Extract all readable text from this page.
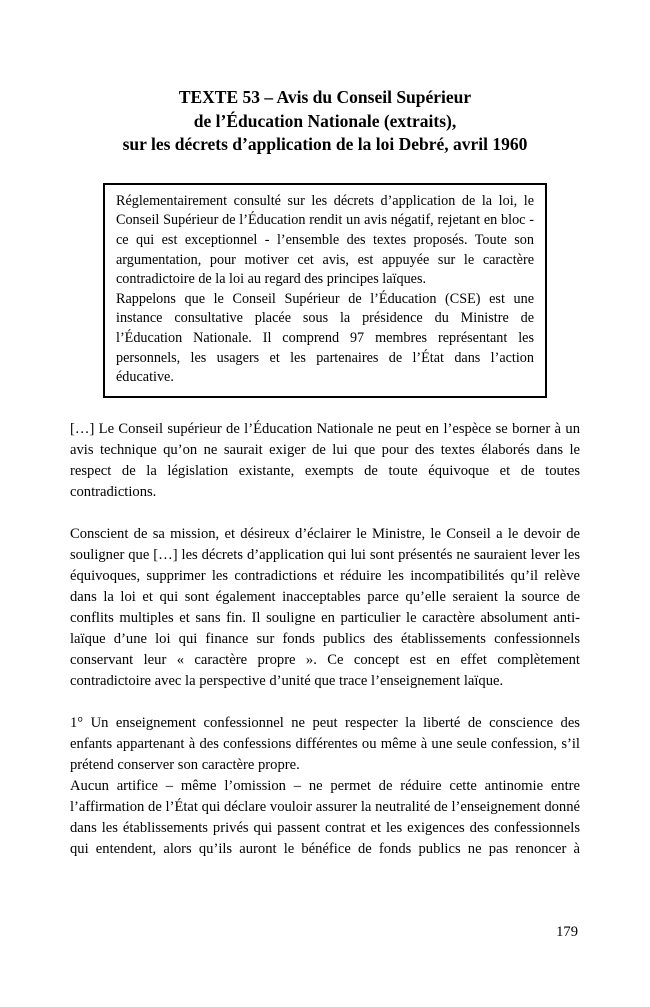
TEXTE 53 – Avis du Conseil Supérieur
de l’Éducation Nationale (extraits),
sur les décrets d’application de la loi Debré, avril 1960

Réglementairement consulté sur les décrets d’application de la loi, le Conseil Supérieur de l’Éducation rendit un avis négatif, rejetant en bloc - ce qui est exceptionnel - l’ensemble des textes proposés. Toute son argumentation, pour motiver cet avis, est appuyée sur le caractère contradictoire de la loi au regard des principes laïques.

Rappelons que le Conseil Supérieur de l’Éducation (CSE) est une instance consultative placée sous la présidence du Ministre de l’Éducation Nationale. Il comprend 97 membres représentant les personnels, les usagers et les partenaires de l’État dans l’action éducative.

[…] Le Conseil supérieur de l’Éducation Nationale ne peut en l’espèce se borner à un avis technique qu’on ne saurait exiger de lui que pour des textes élaborés dans le respect de la législation existante, exempts de toute équivoque et de toutes contradictions.

Conscient de sa mission, et désireux d’éclairer le Ministre, le Conseil a le devoir de souligner que […] les décrets d’application qui lui sont présentés ne sauraient lever les équivoques, supprimer les contradictions et réduire les incompatibilités qu’il relève dans la loi et qui sont également inacceptables parce qu’elle seraient la source de conflits multiples et sans fin. Il souligne en particulier le caractère absolument anti-laïque d’une loi qui finance sur fonds publics des établissements confessionnels conservant leur « caractère propre ». Ce concept est en effet complètement contradictoire avec la perspective d’unité que trace l’enseignement laïque.

1° Un enseignement confessionnel ne peut respecter la liberté de conscience des enfants appartenant à des confessions différentes ou même à une seule confession, s’il prétend conserver son caractère propre.

Aucun artifice – même l’omission – ne permet de réduire cette antinomie entre l’affirmation de l’État qui déclare vouloir assurer la neutralité de l’enseignement donné dans les établissements privés qui passent contrat et les exigences des confessionnels qui entendent, alors qu’ils auront le bénéfice de fonds publics ne pas renoncer à

179
